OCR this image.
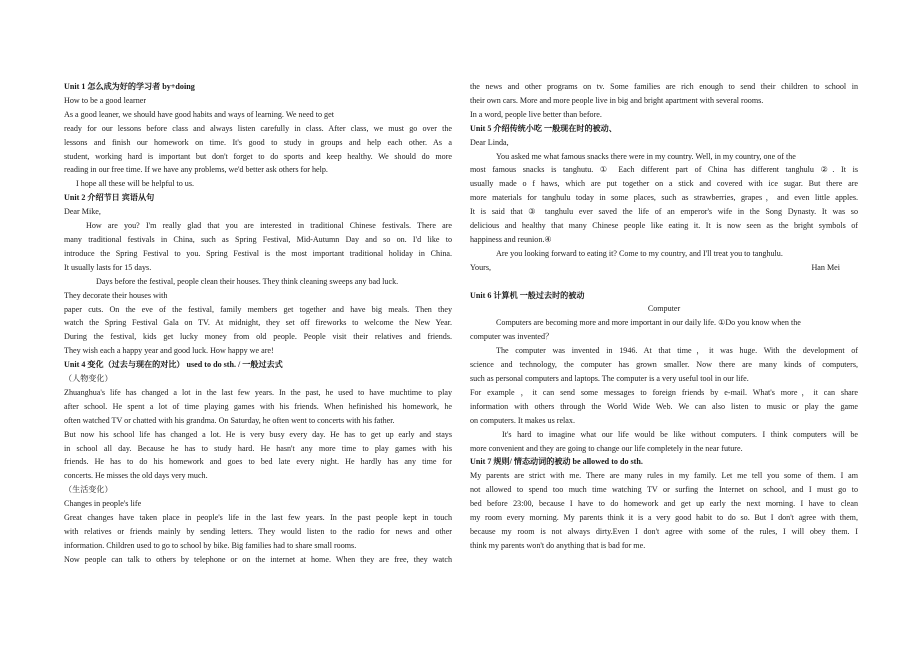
Unit 1 怎么成为好的学习者 by+doing

How to be a good learner

As a good leaner, we should have good habits and ways of learning. We need to get

ready for our lessons before class and always listen carefully in class. After class, we must go over the

lessons and finish our homework on time. It's good to study in groups and help each other. As a

student, working hard is important but don't forget to do sports and keep healthy. We should do more

reading in our free time. If we have any problems, we'd better ask others for help.

I hope all these will be helpful to us.

Unit 2 介绍节日 宾语从句

Dear Mike,

How are you? I'm really glad that you are interested in traditional Chinese festivals. There are

many traditional festivals in China, such as Spring Festival, Mid-Autumn Day and so on. I'd like to

introduce the Spring Festival to you. Spring Festival is the most important traditional holiday in China.

It usually lasts for 15 days.

Days before the festival, people clean their houses. They think cleaning sweeps any bad luck.

They decorate their houses with

paper cuts. On the eve of the festival, family members get together and have big meals. Then they

watch the Spring Festival Gala on TV. At midnight, they set off fireworks to welcome the New Year.

During the festival, kids get lucky money from old people. People visit their relatives and friends.

They wish each a happy year and good luck. How happy we are!

Unit 4 变化（过去与现在的对比） used to do sth. / 一般过去式

（人物变化）

Zhuanghua's life has changed a lot in the last few years. In the past, he used to have muchtime to play

after school. He spent a lot of time playing games with his friends. When hefinished his homework, he

often watched TV or chatted with his grandma. On Saturday, he often went to concerts with his father.

But now his school life has changed a lot. He is very busy every day. He has to get up early and stays

in school all day. Because he has to study hard. He hasn't any more time to play games with his

friends. He has to do his homework and goes to bed late every night. He hardly has any time for

concerts. He misses the old days very much.

（生活变化）

Changes in people's life

Great changes have taken place in people's life in the last few years. In the past people kept in touch

with relatives or friends mainly by sending letters. They would listen to the radio for news and other

information. Children used to go to school by bike. Big families had to share small rooms.

Now people can talk to others by telephone or on the internet at home. When they are free, they watch

the news and other programs on tv. Some families are rich enough to send their children to school in

their own cars. More and more people live in big and bright apartment with several rooms.

In a word, people live better than before.

Unit 5 介绍传统小吃 一般现在时的被动、

Dear Linda,

You asked me what famous snacks there were in my country. Well, in my country, one of the

most famous snacks is tanghutu. ① Each different part of China has different tanghulu ②. It is

usually made o f haws, which are put together on a stick and covered with ice sugar. But there are

more materials for tanghulu today in some places, such as strawberries, grapes，and even little apples.

It is said that ③ tanghulu ever saved the life of an emperor's wife in the Song Dynasty. It was so

delicious and healthy that many Chinese people like eating it. It is now seen as the bright symbols of

happiness and reunion.④

Are you looking forward to eating it? Come to my country, and I'll treat you to tanghulu.

Yours,	Han Mei

Unit 6 计算机 一般过去时的被动

Computer

Computers are becoming more and more important in our daily life. ①Do you know when the

computer was invented？

The computer was invented in 1946. At that time，it was huge. With the development of

science and technology, the computer has grown smaller. Now there are many kinds of computers,

such as personal computers and laptops. The computer is a very useful tool in our life.

For example ，it can send some messages to foreign friends by e-mail. What's more，it can share

information with others through the World Wide Web. We can also listen to music or play the game

on computers. It makes us relax.

It's hard to imagine what our life would be like without computers. I think computers will be

more convenient and they are going to change our life completely in the near future.

Unit 7 规则/ 情态动词的被动 be allowed to do sth.

My parents are strict with me. There are many rules in my family. Let me tell you some of them. I am

not allowed to spend too much time watching TV or surfing the Internet on school, and I must go to

bed before 23:00, because I have to do homework and get up early the next morning. I have to clean

my room every morning. My parents think it is a very good habit to do so. But I don't agree with them,

because my room is not always dirty.Even I don't agree with some of the rules, I will obey them. I

think my parents won't do anything that is bad for me.
